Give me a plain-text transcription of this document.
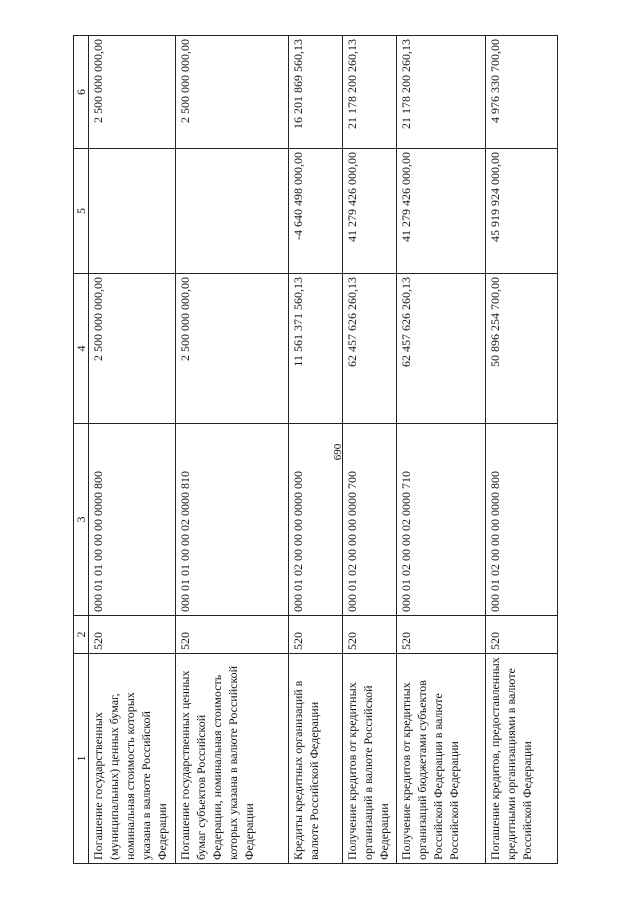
690
1	2	3	4	5	6
Погашение государственных (муниципальных) ценных бумаг, номинальная стоимость которых указана в валюте Российской Федерации	520	000 01 01 00 00 00 0000 800	2 500 000 000,00		2 500 000 000,00
Погашение государственных ценных бумаг субъектов Российской Федерации, номинальная стоимость которых указана в валюте Российской Федерации	520	000 01 01 00 00 02 0000 810	2 500 000 000,00		2 500 000 000,00
Кредиты кредитных организаций в валюте Российской Федерации	520	000 01 02 00 00 00 0000 000	11 561 371 560,13	-4 640 498 000,00	16 201 869 560,13
Получение кредитов от кредитных организаций в валюте Российской Федерации	520	000 01 02 00 00 00 0000 700	62 457 626 260,13	41 279 426 000,00	21 178 200 260,13
Получение кредитов от кредитных организаций бюджетами субъектов Российской Федерации в валюте Российской Федерации	520	000 01 02 00 00 02 0000 710	62 457 626 260,13	41 279 426 000,00	21 178 200 260,13
Погашение кредитов, предоставленных кредитными организациями в валюте Российской Федерации	520	000 01 02 00 00 00 0000 800	50 896 254 700,00	45 919 924 000,00	4 976 330 700,00
